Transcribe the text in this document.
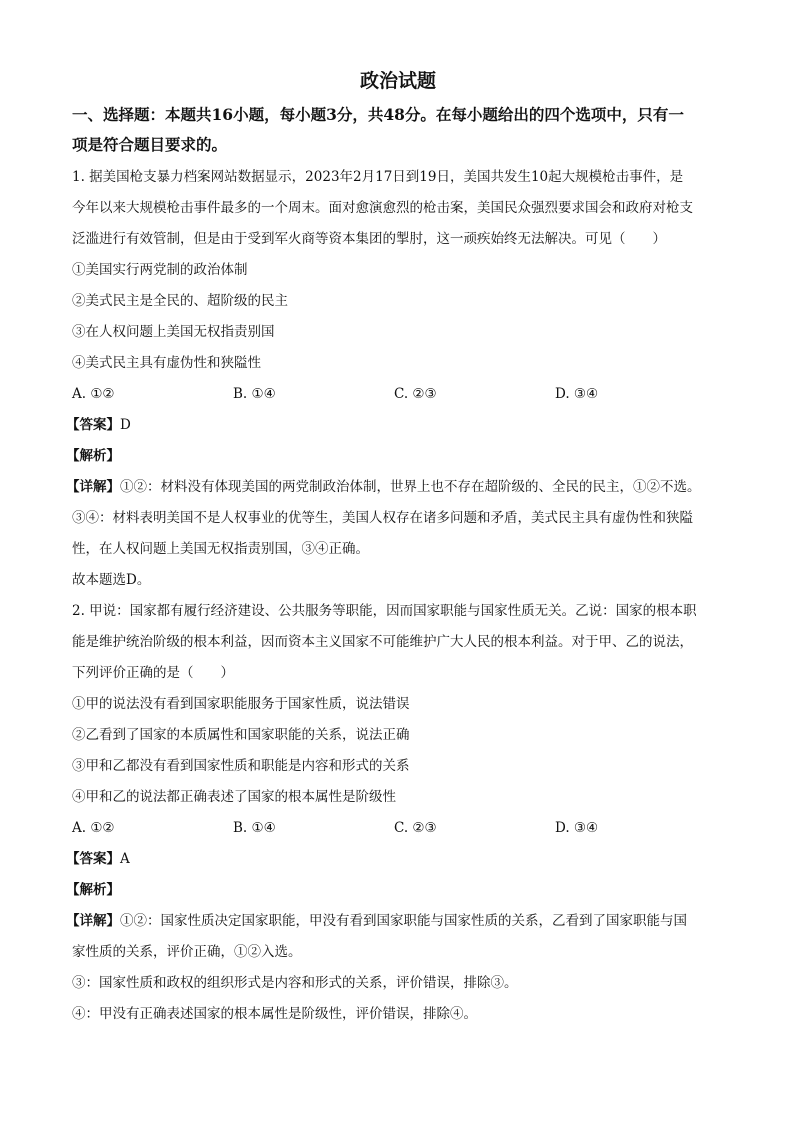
政治试题
一、选择题：本题共16小题，每小题3分，共48分。在每小题给出的四个选项中，只有一
项是符合题目要求的。

1. 据美国枪支暴力档案网站数据显示，2023年2月17日到19日，美国共发生10起大规模枪击事件，是

今年以来大规模枪击事件最多的一个周末。面对愈演愈烈的枪击案，美国民众强烈要求国会和政府对枪支

泛滥进行有效管制，但是由于受到军火商等资本集团的掣肘，这一顽疾始终无法解决。可见（　　）

①美国实行两党制的政治体制

②美式民主是全民的、超阶级的民主

③在人权问题上美国无权指责别国

④美式民主具有虚伪性和狭隘性

A. ①②	B. ①④	C. ②③	D. ③④

【答案】D

【解析】

【详解】①②：材料没有体现美国的两党制政治体制，世界上也不存在超阶级的、全民的民主，①②不选。

③④：材料表明美国不是人权事业的优等生，美国人权存在诸多问题和矛盾，美式民主具有虚伪性和狭隘

性，在人权问题上美国无权指责别国，③④正确。

故本题选D。

2. 甲说：国家都有履行经济建设、公共服务等职能，因而国家职能与国家性质无关。乙说：国家的根本职

能是维护统治阶级的根本利益，因而资本主义国家不可能维护广大人民的根本利益。对于甲、乙的说法，

下列评价正确的是（　　）

①甲的说法没有看到国家职能服务于国家性质，说法错误

②乙看到了国家的本质属性和国家职能的关系，说法正确

③甲和乙都没有看到国家性质和职能是内容和形式的关系

④甲和乙的说法都正确表述了国家的根本属性是阶级性

A. ①②	B. ①④	C. ②③	D. ③④

【答案】A

【解析】

【详解】①②：国家性质决定国家职能，甲没有看到国家职能与国家性质的关系，乙看到了国家职能与国

家性质的关系，评价正确，①②入选。

③：国家性质和政权的组织形式是内容和形式的关系，评价错误，排除③。

④：甲没有正确表述国家的根本属性是阶级性，评价错误，排除④。
